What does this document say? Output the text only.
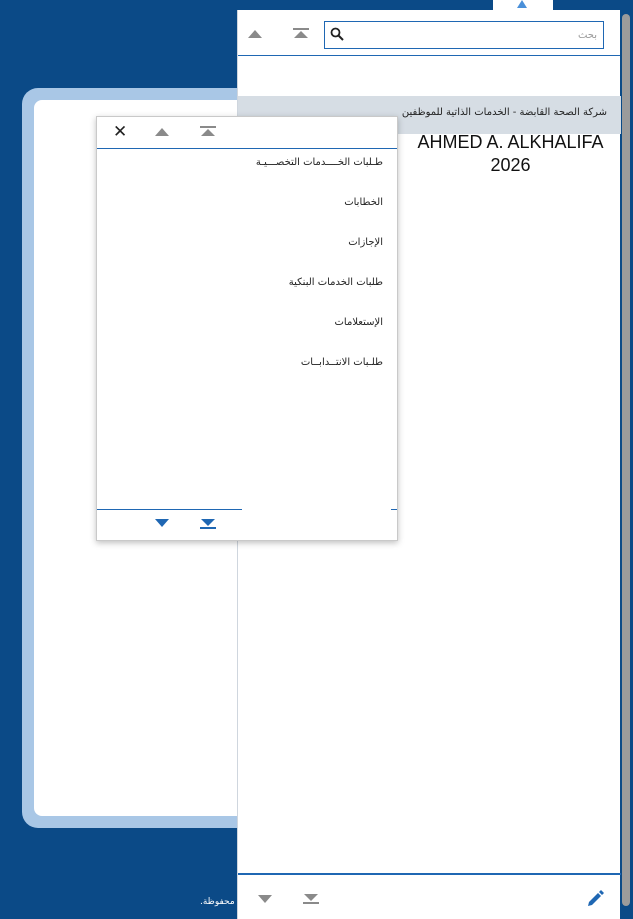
محفوظة.
بحث
شركة الصحة القابضة - الخدمات الذاتية للموظفين
AHMED A. ALKHALIFA
2026
✕
طـلبات الخــــدمات التخصـــيـة
الخطابات
الإجازات
طلبات الخدمات البنكية
الإستعلامات
طلـبات الانتــدابــات
